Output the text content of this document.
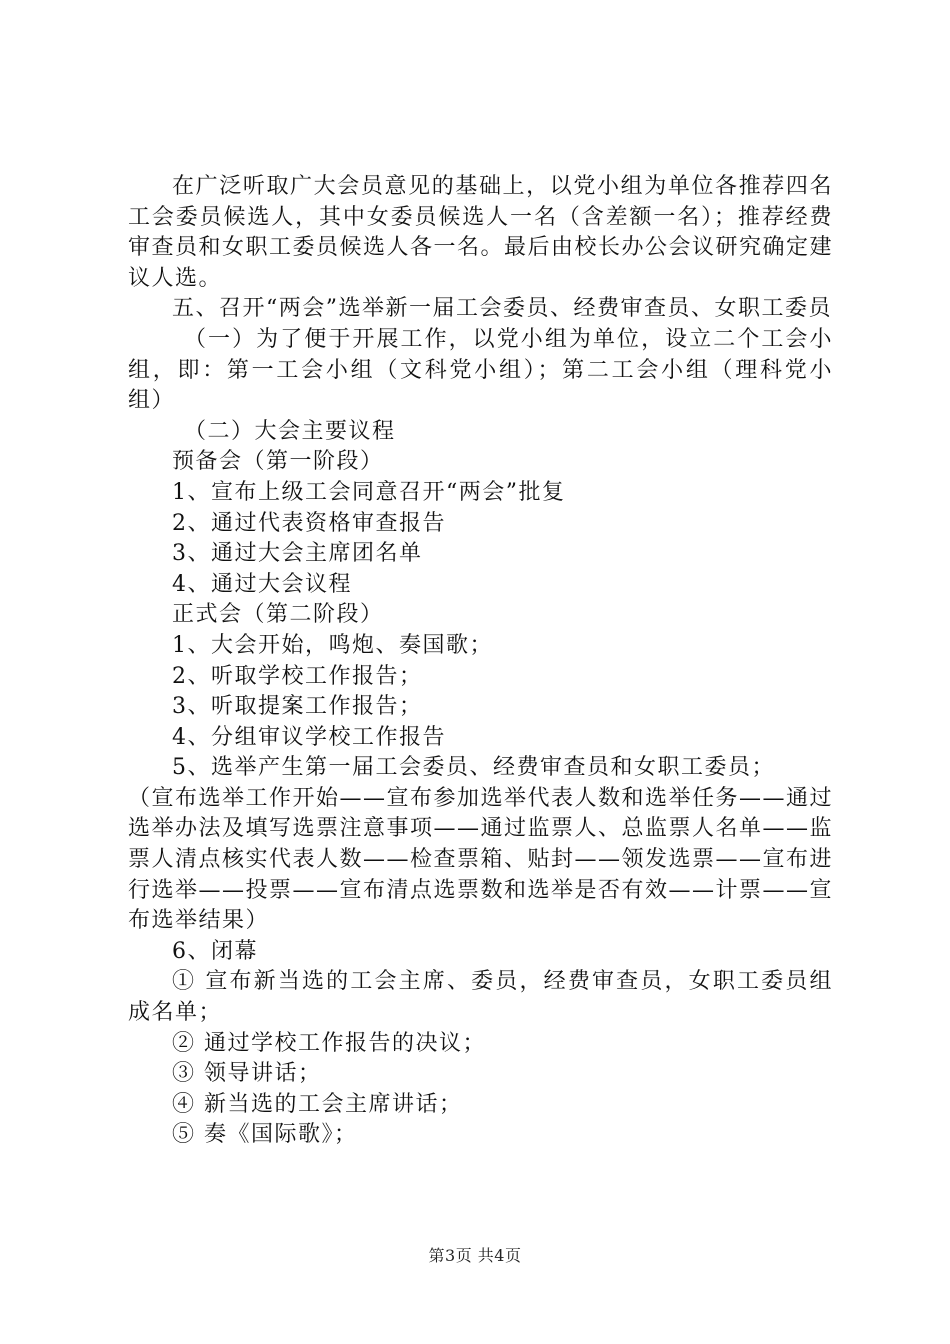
在广泛听取广大会员意见的基础上，以党小组为单位各推荐四名工会委员候选人，其中女委员候选人一名（含差额一名）；推荐经费审查员和女职工委员候选人各一名。最后由校长办公会议研究确定建议人选。

五、召开“两会”选举新一届工会委员、经费审查员、女职工委员

（一）为了便于开展工作，以党小组为单位，设立二个工会小组，即：第一工会小组（文科党小组）；第二工会小组（理科党小组）

（二）大会主要议程

预备会（第一阶段）

1、宣布上级工会同意召开“两会”批复

2、通过代表资格审查报告

3、通过大会主席团名单

4、通过大会议程

正式会（第二阶段）

1、大会开始，鸣炮、奏国歌；

2、听取学校工作报告；

3、听取提案工作报告；

4、分组审议学校工作报告

5、选举产生第一届工会委员、经费审查员和女职工委员；

（宣布选举工作开始——宣布参加选举代表人数和选举任务——通过选举办法及填写选票注意事项——通过监票人、总监票人名单——监票人清点核实代表人数——检查票箱、贴封——领发选票——宣布进行选举——投票——宣布清点选票数和选举是否有效——计票——宣布选举结果）

6、闭幕

① 宣布新当选的工会主席、委员，经费审查员，女职工委员组成名单；

② 通过学校工作报告的决议；

③ 领导讲话；

④ 新当选的工会主席讲话；

⑤ 奏《国际歌》；

第3页 共4页
